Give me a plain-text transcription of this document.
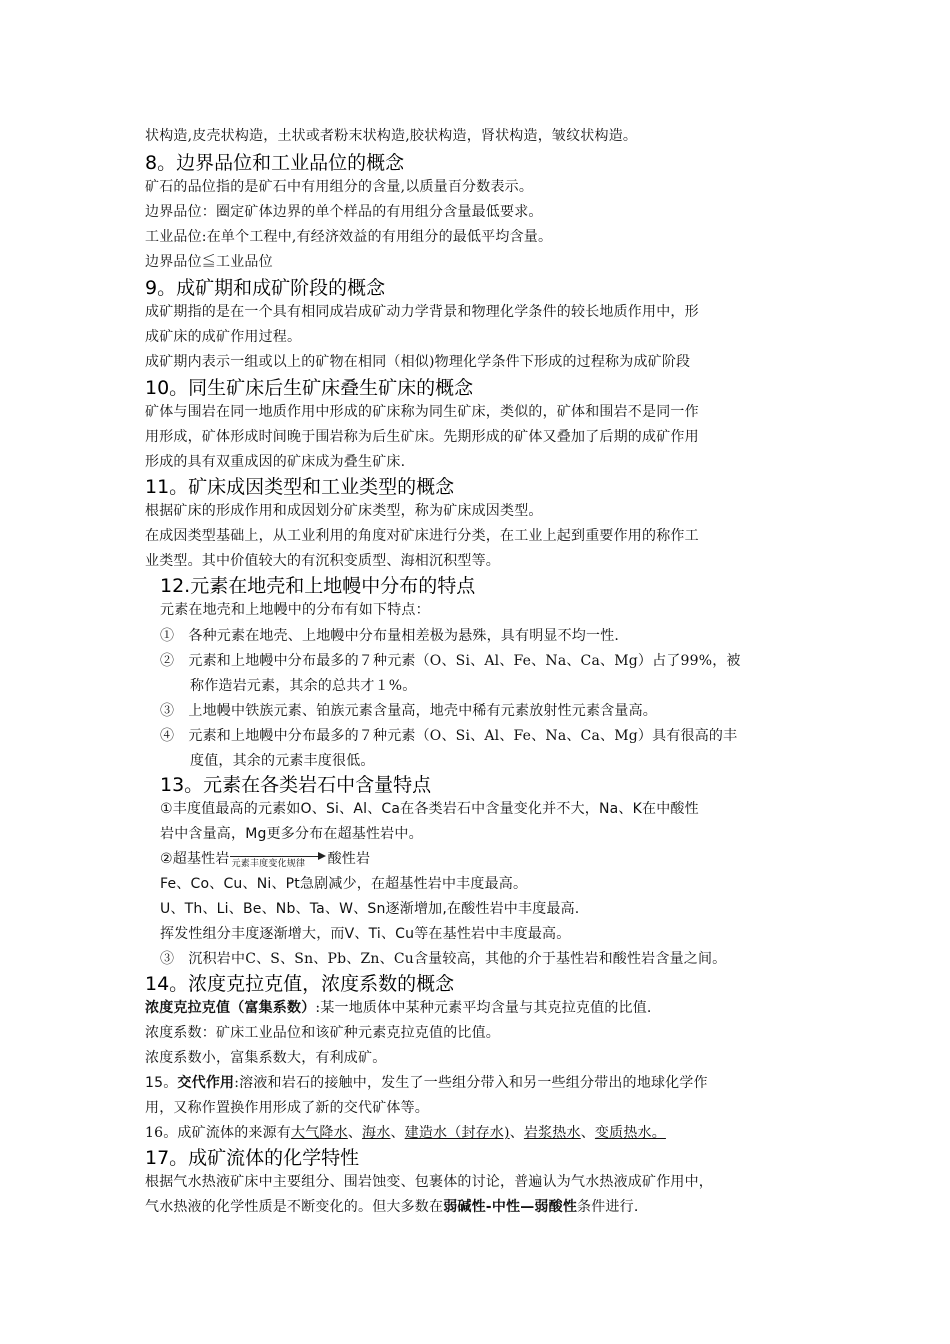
状构造,皮壳状构造，土状或者粉末状构造,胶状构造，肾状构造，皱纹状构造。
8。边界品位和工业品位的概念
矿石的品位指的是矿石中有用组分的含量,以质量百分数表示。
边界品位：圈定矿体边界的单个样品的有用组分含量最低要求。
工业品位:在单个工程中,有经济效益的有用组分的最低平均含量。
边界品位≦工业品位
9。成矿期和成矿阶段的概念
成矿期指的是在一个具有相同成岩成矿动力学背景和物理化学条件的较长地质作用中，形
成矿床的成矿作用过程。
成矿期内表示一组或以上的矿物在相同（相似)物理化学条件下形成的过程称为成矿阶段
10。同生矿床后生矿床叠生矿床的概念
矿体与围岩在同一地质作用中形成的矿床称为同生矿床，类似的，矿体和围岩不是同一作
用形成，矿体形成时间晚于围岩称为后生矿床。先期形成的矿体又叠加了后期的成矿作用
形成的具有双重成因的矿床成为叠生矿床.
11。矿床成因类型和工业类型的概念
根据矿床的形成作用和成因划分矿床类型，称为矿床成因类型。
在成因类型基础上，从工业利用的角度对矿床进行分类，在工业上起到重要作用的称作工
业类型。其中价值较大的有沉积变质型、海相沉积型等。
12.元素在地壳和上地幔中分布的特点
元素在地壳和上地幔中的分布有如下特点：
①　各种元素在地壳、上地幔中分布量相差极为悬殊，具有明显不均一性.
②　元素和上地幔中分布最多的７种元素（O、Si、Al、Fe、Na、Ca、Mg）占了99%，被
称作造岩元素，其余的总共才１%。
③　上地幔中铁族元素、铂族元素含量高，地壳中稀有元素放射性元素含量高。
④　元素和上地幔中分布最多的７种元素（O、Si、Al、Fe、Na、Ca、Mg）具有很高的丰
度值，其余的元素丰度很低。
13。元素在各类岩石中含量特点
①丰度值最高的元素如O、Si、Al、Ca在各类岩石中含量变化并不大，Na、K在中酸性
岩中含量高，Mg更多分布在超基性岩中。
②超基性岩 元素丰度变化规律 酸性岩
Fe、Co、Cu、Ni、Pt急剧减少，在超基性岩中丰度最高。
U、Th、Li、Be、Nb、Ta、W、Sn逐渐增加,在酸性岩中丰度最高.
挥发性组分丰度逐渐增大，而V、Ti、Cu等在基性岩中丰度最高。
③　沉积岩中C、S、Sn、Pb、Zn、Cu含量较高，其他的介于基性岩和酸性岩含量之间。
14。浓度克拉克值，浓度系数的概念
浓度克拉克值（富集系数）:某一地质体中某种元素平均含量与其克拉克值的比值.
浓度系数：矿床工业品位和该矿种元素克拉克值的比值。
浓度系数小，富集系数大，有利成矿。
15。交代作用:溶液和岩石的接触中，发生了一些组分带入和另一些组分带出的地球化学作
用，又称作置换作用形成了新的交代矿体等。
16。成矿流体的来源有大气降水、海水、建造水（封存水)、岩浆热水、变质热水。
17。成矿流体的化学特性
根据气水热液矿床中主要组分、围岩蚀变、包裹体的讨论，普遍认为气水热液成矿作用中，
气水热液的化学性质是不断变化的。但大多数在弱碱性-中性—弱酸性条件进行.
